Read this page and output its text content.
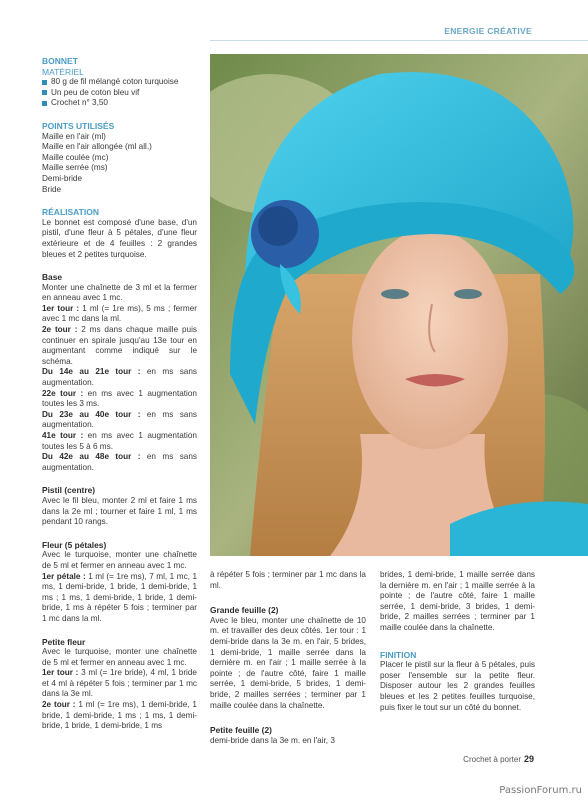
ENERGIE CRÉATIVE

BONNET

MATÉRIEL

80 g de fil mélangé coton turquoise
Un peu de coton bleu vif
Crochet n° 3,50

POINTS UTILISÉS

Maille en l'air (ml)

Maille en l'air allongée (ml all.)

Maille coulée (mc)

Maille serrée (ms)

Demi-bride

Bride

RÉALISATION

Le bonnet est composé d'une base, d'un pistil, d'une fleur à 5 pétales, d'une fleur extérieure et de 4 feuilles : 2 grandes bleues et 2 petites turquoise.

Base

Monter une chaînette de 3 ml et la fermer en anneau avec 1 mc.

1er tour : 1 ml (= 1re ms), 5 ms ; fermer avec 1 mc dans la ml.

2e tour : 2 ms dans chaque maille puis continuer en spirale jusqu'au 13e tour en augmentant comme indiqué sur le schéma.

Du 14e au 21e tour : en ms sans augmentation.

22e tour : en ms avec 1 augmentation toutes les 3 ms.

Du 23e au 40e tour : en ms sans augmentation.

41e tour : en ms avec 1 augmentation toutes les 5 à 6 ms.

Du 42e au 48e tour : en ms sans augmentation.

Pistil (centre)

Avec le fil bleu, monter 2 ml et faire 1 ms dans la 2e ml ; tourner et faire 1 ml, 1 ms pendant 10 rangs.

Fleur (5 pétales)

Avec le turquoise, monter une chaînette de 5 ml et fermer en anneau avec 1 mc.

1er pétale : 1 ml (= 1re ms), 7 ml, 1 mc, 1 ms, 1 demi-bride, 1 bride, 1 demi-bride, 1 ms ; 1 ms, 1 demi-bride, 1 bride, 1 demi-bride, 1 ms à répéter 5 fois ; terminer par 1 mc dans la ml.

Petite fleur

Avec le turquoise, monter une chaînette de 5 ml et fermer en anneau avec 1 mc.

1er tour : 3 ml (= 1re bride), 4 ml, 1 bride et 4 ml à répéter 5 fois ; terminer par 1 mc dans la 3e ml.

2e tour : 1 ml (= 1re ms), 1 demi-bride, 1 bride, 1 demi-bride, 1 ms ; 1 ms, 1 demi-bride, 1 bride, 1 demi-bride, 1 ms

à répéter 5 fois ; terminer par 1 mc dans la ml.

Grande feuille (2)

Avec le bleu, monter une chaînette de 10 m. et travailler des deux côtés. 1er tour : 1 demi-bride dans la 3e m. en l'air, 5 brides, 1 demi-bride, 1 maille serrée dans la dernière m. en l'air ; 1 maille serrée à la pointe ; de l'autre côté, faire 1 maille serrée, 1 demi-bride, 5 brides, 1 demi-bride, 2 mailles serrées ; terminer par 1 maille coulée dans la chaînette.

Petite feuille (2)

demi-bride dans la 3e m. en l'air, 3

brides, 1 demi-bride, 1 maille serrée dans la dernière m. en l'air ; 1 maille serrée à la pointe ; de l'autre côté, faire 1 maille serrée, 1 demi-bride, 3 brides, 1 demi-bride, 2 mailles serrées ; terminer par 1 maille coulée dans la chaînette.

FINITION

Placer le pistil sur la fleur à 5 pétales, puis poser l'ensemble sur la petite fleur. Disposer autour les 2 grandes feuilles bleues et les 2 petites feuilles turquoise, puis fixer le tout sur un côté du bonnet.

Crochet à porter 29
PassionForum.ru
